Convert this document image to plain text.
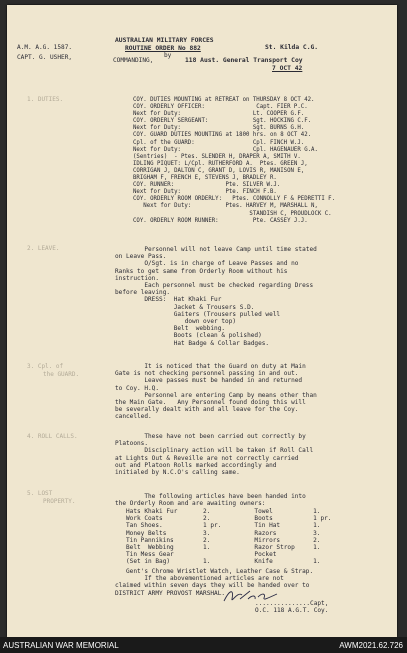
A.M. A.G. 1587.
CAPT. G. USHER,
AUSTRALIAN MILITARY FORCES
St. Kilda C.G.
ROUTINE ORDER No 882
by
COMMANDING,	118 Aust. General Transport Coy
7 OCT 42
1. DUTIES.	COY. DUTIES MOUNTING at RETREAT on THURSDAY 8 OCT 42.
COY. ORDERLY OFFICER:               Capt. FIER P.C.
Next for Duty:                     Lt. COOPER G.F.
COY. ORDERLY SERGEANT:             Sgt. HOCKING C.F.
Next for Duty:                     Sgt. BURNS G.H.
COY. GUARD DUTIES MOUNTING at 1800 hrs. on 8 OCT 42.
Cpl. of the GUARD:                 Cpl. FINCH W.J.
Next for Duty:                     Cpl. HAGENAUER G.A.
(Sentries)  - Ptes. SLENDER H, DRAPER A, SMITH V.
IDLING PIQUET: L/Cpl. RUTHERFORD A.  Ptes. GREEN J,
CORRIGAN J, DALTON C, GRANT D, LOVIS R, MANISON E,
BRIGHAM F, FRENCH E, STEVENS J, BRADLEY R.
COY. RUNNER:               Pte. SILVER W.J.
Next for Duty:             Pte. FINCH F.B.
COY. ORDERLY ROOM ORDERLY:   Ptes. CONNOLLY F & PEDRETTI F.
Next for Duty:          Ptes. HARVEY M, MARSHALL N,
STANDISH C, PROUDLOCK C.
COY. ORDERLY ROOM RUNNER:          Pte. CASSEY J.J.
2. LEAVE.	Personnel will not leave Camp until time stated
on Leave Pass.
O/Sgt. is in charge of Leave Passes and no
Ranks to get same from Orderly Room without his
instruction.
Each personnel must be checked regarding Dress
before leaving.
DRESS:  Hat Khaki Fur
Jacket & Trousers S.D.
Gaiters (Trousers pulled well
down over top)
Belt  webbing.
Boots (clean & polished)
Hat Badge & Collar Badges.
3. Cpl. of
the GUARD.
It is noticed that the Guard on duty at Main
Gate is not checking personnel passing in and out.
Leave passes must be handed in and returned
to Coy. H.Q.
Personnel are entering Camp by means other than
the Main Gate.   Any Personnel found doing this will
be severally dealt with and all leave for the Coy.
cancelled.
4. ROLL CALLS.	These have not been carried out correctly by
Platoons.
Disciplinary action will be taken if Roll Call
at Lights Out & Reveille are not correctly carried
out and Platoon Rolls marked accordingly and
initialed by N.C.O's calling same.
5. LOST
PROPERTY.
The following articles have been handed into
the Orderly Room and are awaiting owners:
Hats Khaki Fur       2.            Towel           1.
Work Coats           2.            Boots           1 pr.
Tan Shoes.           1 pr.         Tin Hat         1.
Money Belts          3.            Razors          3.
Tin Pannikins        2.            Mirrors         2.
Belt  Webbing        1.            Razor Strop     1.
Tin Mess Gear                      Pocket
(Set in Bag)         1.            Knife           1.
Gent's Chrome Wristlet Watch, Leather Case & Strap.
If the abovementioned articles are not
claimed within seven days they will be handed over to
DISTRICT ARMY PROVOST MARSHAL.
...............Capt,
O.C. 118 A.G.T. Coy.
AUSTRALIAN WAR MEMORIAL	AWM2021.62.726
